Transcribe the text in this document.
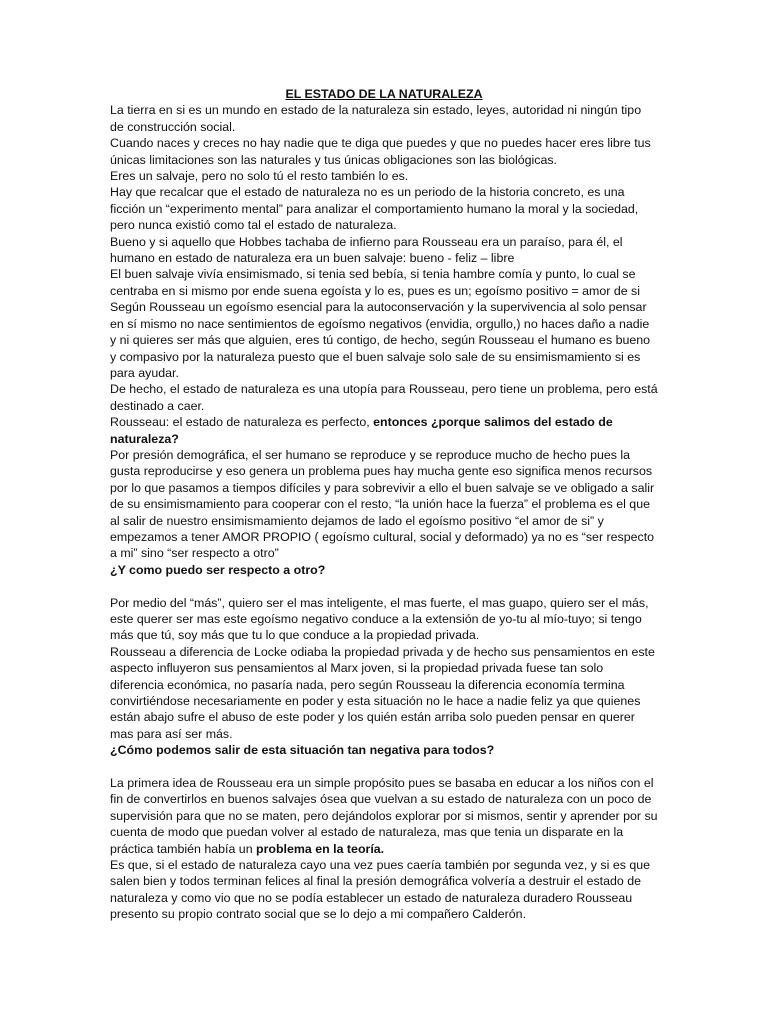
EL ESTADO DE LA NATURALEZA

La tierra en si es un mundo en estado de la naturaleza sin estado, leyes, autoridad ni ningún tipo de construcción social.

Cuando naces y creces no hay nadie que te diga que puedes y que no puedes hacer eres libre tus únicas limitaciones son las naturales y tus únicas obligaciones son las biológicas.

Eres un salvaje, pero no solo tú el resto también lo es.

Hay que recalcar que el estado de naturaleza no es un periodo de la historia concreto, es una ficción un “experimento mental” para analizar el comportamiento humano la moral y la sociedad, pero nunca existió como tal el estado de naturaleza.

Bueno y si aquello que Hobbes tachaba de infierno para Rousseau era un paraíso, para él, el humano en estado de naturaleza era un buen salvaje: bueno - feliz – libre

El buen salvaje vivía ensimismado, si tenia sed bebía, si tenia hambre comía y punto, lo cual se centraba en si mismo por ende suena egoísta y lo es, pues es un; egoísmo positivo = amor de si Según Rousseau un egoísmo esencial para la autoconservación y la supervivencia al solo pensar en sí mismo no nace sentimientos de egoísmo negativos (envidia, orgullo,) no haces daño a nadie y ni quieres ser más que alguien, eres tú contigo, de hecho, según Rousseau el humano es bueno y compasivo por la naturaleza puesto que el buen salvaje solo sale de su ensimismamiento si es para ayudar.

De hecho, el estado de naturaleza es una utopía para Rousseau, pero tiene un problema, pero está destinado a caer.

Rousseau: el estado de naturaleza es perfecto, entonces ¿porque salimos del estado de naturaleza?

Por presión demográfica, el ser humano se reproduce y se reproduce mucho de hecho pues la gusta reproducirse y eso genera un problema pues hay mucha gente eso significa menos recursos por lo que pasamos a tiempos difíciles y para sobrevivir a ello el buen salvaje se ve obligado a salir de su ensimismamiento para cooperar con el resto, “la unión hace la fuerza” el problema es el que al salir de nuestro ensimismamiento dejamos de lado el egoísmo positivo “el amor de si” y empezamos a tener AMOR PROPIO ( egoísmo cultural, social y deformado) ya no es “ser respecto a mi” sino “ser respecto a otro”

¿Y como puedo ser respecto a otro?

Por medio del “más”, quiero ser el mas inteligente, el mas fuerte, el mas guapo, quiero ser el más, este querer ser mas este egoísmo negativo conduce a la extensión de yo-tu al mío-tuyo; si tengo más que tú, soy más que tu lo que conduce a la propiedad privada.

Rousseau a diferencia de Locke odiaba la propiedad privada y de hecho sus pensamientos en este aspecto influyeron sus pensamientos al Marx joven, si la propiedad privada fuese tan solo diferencia económica, no pasaría nada, pero según Rousseau la diferencia economía termina convirtiéndose necesariamente en poder y esta situación no le hace a nadie feliz ya que quienes están abajo sufre el abuso de este poder y los quién están arriba solo pueden pensar en querer mas para así ser más.

¿Cómo podemos salir de esta situación tan negativa para todos?

La primera idea de Rousseau era un simple propósito pues se basaba en educar a los niños con el fin de convertirlos en buenos salvajes ósea que vuelvan a su estado de naturaleza con un poco de supervisión para que no se maten, pero dejándolos explorar por si mismos, sentir y aprender por su cuenta de modo que puedan volver al estado de naturaleza, mas que tenia un disparate en la práctica también había un problema en la teoría.

Es que, si el estado de naturaleza cayo una vez pues caería también por segunda vez, y si es que salen bien y todos terminan felices al final la presión demográfica volvería a destruir el estado de naturaleza y como vio que no se podía establecer un estado de naturaleza duradero Rousseau presento su propio contrato social que se lo dejo a mi compañero Calderón.
